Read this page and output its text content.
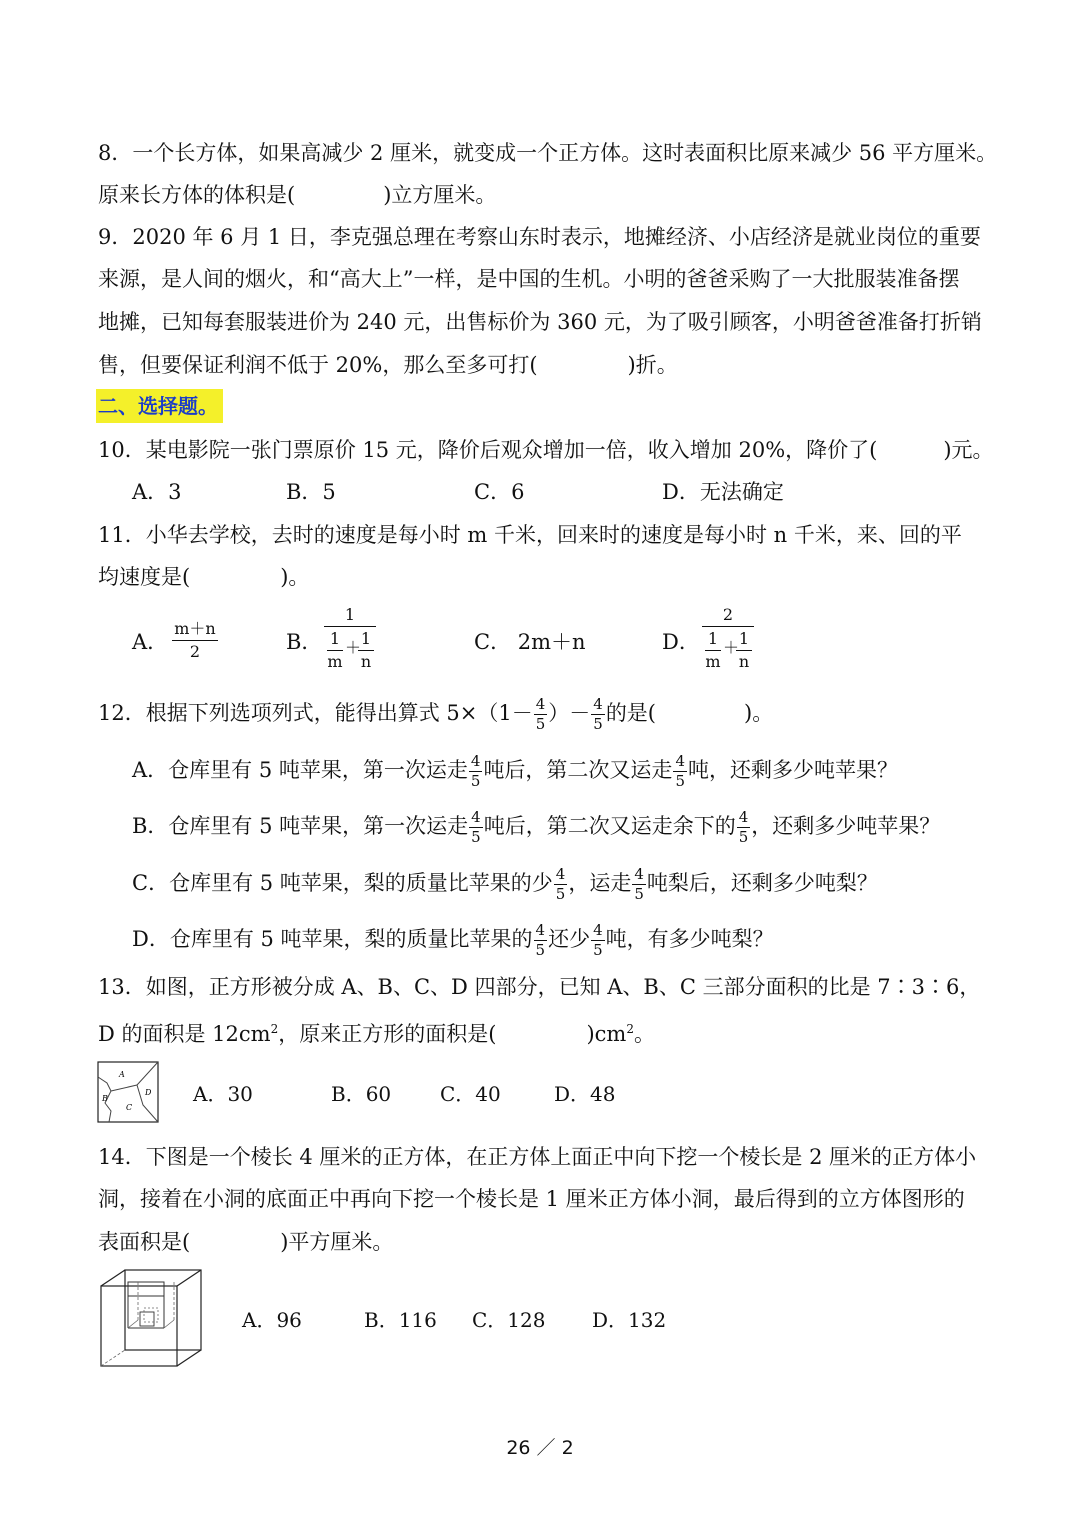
8．一个长方体，如果高减少 2 厘米，就变成一个正方体。这时表面积比原来减少 56 平方厘米。
原来长方体的体积是(	)立方厘米。
9．2020 年 6 月 1 日，李克强总理在考察山东时表示，地摊经济、小店经济是就业岗位的重要
来源，是人间的烟火，和“高大上”一样，是中国的生机。小明的爸爸采购了一大批服装准备摆
地摊，已知每套服装进价为 240 元，出售标价为 360 元，为了吸引顾客，小明爸爸准备打折销
售，但要保证利润不低于 20%，那么至多可打(	)折。
二、选择题。
10．某电影院一张门票原价 15 元，降价后观众增加一倍，收入增加 20%，降价了(	)元。
A．3	B．5	C．6	D．无法确定
11．小华去学校，去时的速度是每小时 m 千米，回来时的速度是每小时 n 千米，来、回的平
均速度是(	)。
A． $\frac{m+n}{2}$	B． 1
$\frac{1}{m}$ ＋
$\frac{1}{n}$	C． 2m＋n	D． 2
$\frac{1}{m}$ ＋
$\frac{1}{n}$
12．根据下列选项列式，能得出算式 $5\times(1- \frac{4}{5}$ ）－ $\frac{4}{5}$ 的是(	)。
A．仓库里有 5 吨苹果，第一次运走 $\frac{4}{5}$ 吨后，第二次又运走 $\frac{4}{5}$ 吨，还剩多少吨苹果？
B．仓库里有 5 吨苹果，第一次运走 $\frac{4}{5}$ 吨后，第二次又运走余下的 $\frac{4}{5}$ ，还剩多少吨苹果？
C．仓库里有 5 吨苹果，梨的质量比苹果的少 $\frac{4}{5}$ ，运走 $\frac{4}{5}$ 吨梨后，还剩多少吨梨？
D．仓库里有 5 吨苹果，梨的质量比苹果的 $\frac{4}{5}$ 还少 $\frac{4}{5}$ 吨，有多少吨梨？
13．如图，正方形被分成 A、B、C、D 四部分，已知 A、B、C 三部分面积的比是 7∶3∶6，
D 的面积是 $12cm^2$，原来正方形的面积是(	)$cm^2$。
A
B
C
D A．30	B．60 C．40	D．48
14．下图是一个棱长 4 厘米的正方体，在正方体上面正中向下挖一个棱长是 2 厘米的正方体小
洞，接着在小洞的底面正中再向下挖一个棱长是 1 厘米正方体小洞，最后得到的立方体图形的
表面积是(	)平方厘米。
A．96	B．116 C．128 D．132
26 ／ 2
